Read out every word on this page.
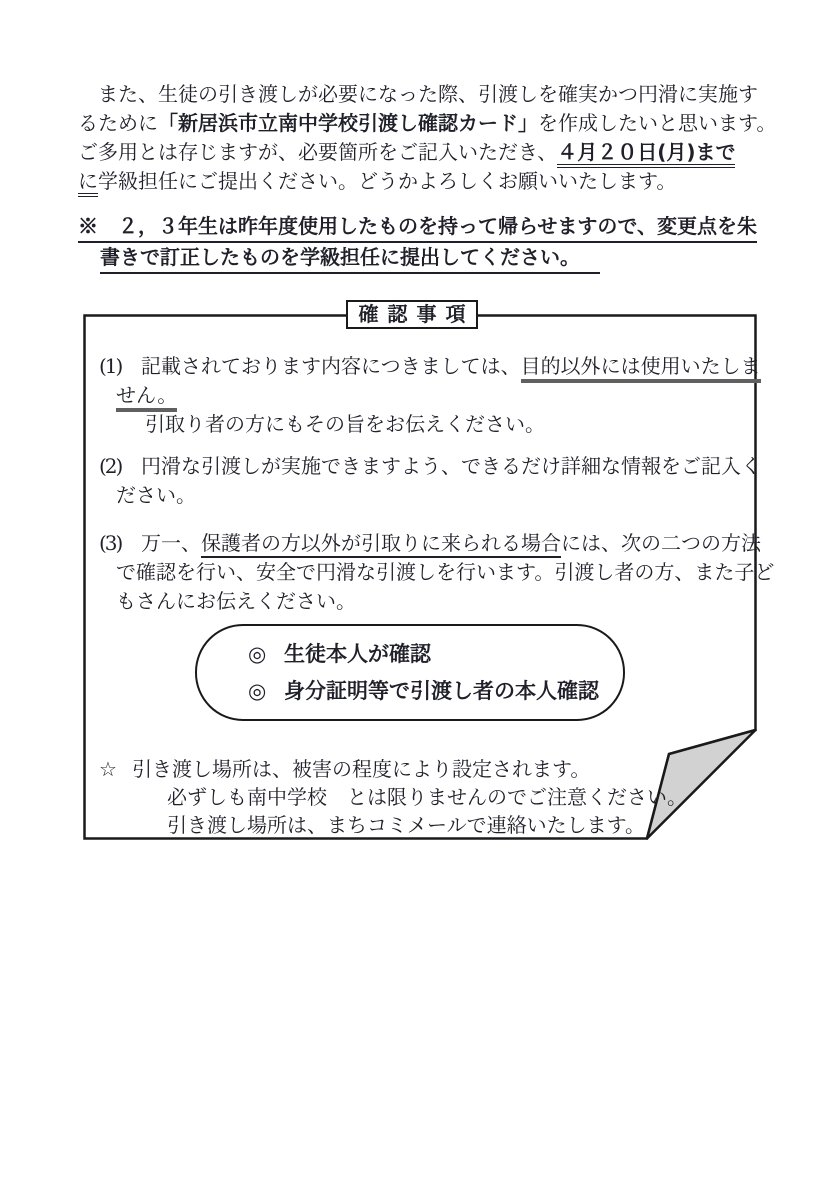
　また、生徒の引き渡しが必要になった際、引渡しを確実かつ円滑に実施す
るために「新居浜市立南中学校引渡し確認カード」を作成したいと思います。
ご多用とは存じますが、必要箇所をご記入いただき、４月２０日(月)まで
に学級担任にご提出ください。どうかよろしくお願いいたします。
※　２，３年生は昨年度使用したものを持って帰らせますので、変更点を朱
書きで訂正したものを学級担任に提出してください。
確認事項
(1) 記載されております内容につきましては、目的以外には使用いたしま
せん。
引取り者の方にもその旨をお伝えください。
(2) 円滑な引渡しが実施できますよう、できるだけ詳細な情報をご記入く
ださい。
(3) 万一、保護者の方以外が引取りに来られる場合には、次の二つの方法
で確認を行い、安全で円滑な引渡しを行います。引渡し者の方、また子ど
もさんにお伝えください。
◎ 生徒本人が確認
◎ 身分証明等で引渡し者の本人確認
☆ 引き渡し場所は、被害の程度により設定されます。
必ずしも南中学校　とは限りませんのでご注意ください。
引き渡し場所は、まちコミメールで連絡いたします。
